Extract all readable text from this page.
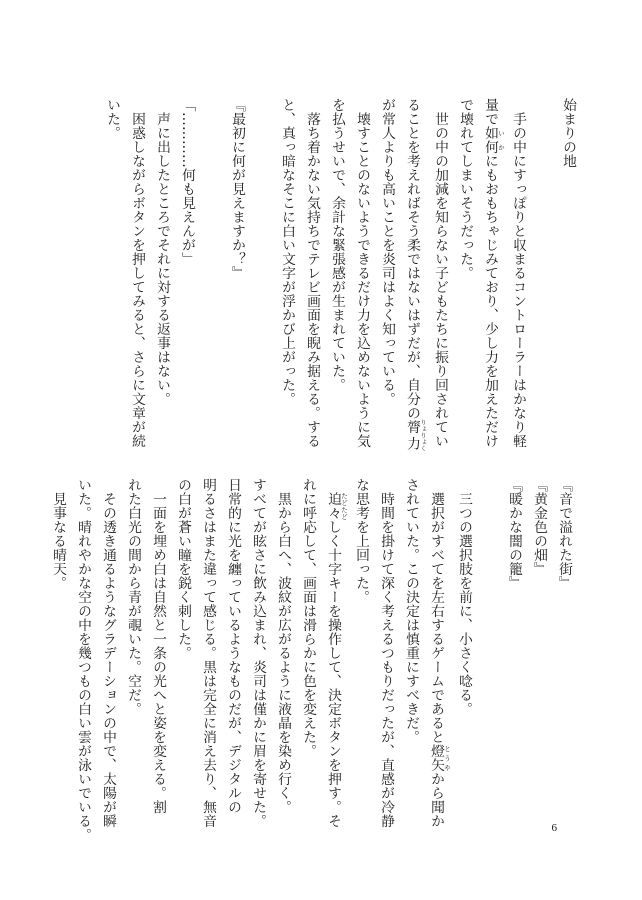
始まりの地

手の中にすっぽりと収まるコントローラーはかなり軽

量で如何 いかにもおもちゃじみており、少し力を加えただけ

で壊れてしまいそうだった。

世の中の加減を知らない子どもたちに振り回されてい

ることを考えればそう柔ではないはずだが、自分の膂力 りょりょく

が常人よりも高いことを炎司はよく知っている。

壊すことのないようできるだけ力を込めないように気

を払うせいで、余計な緊張感が生まれていた。

落ち着かない気持ちでテレビ画面を睨み据える。する

と、真っ暗なそこに白い文字が浮かび上がった。

『最初に何が見えますか？』

「…………何も見えんが」

声に出したところでそれに対する返事はない。

困惑しながらボタンを押してみると、さらに文章が続

いた。

『音で溢れた街』

『黄金色の畑』

『暖かな闇の籠』

三つの選択肢を前に、小さく唸る。

選択がすべてを左右するゲームであると燈矢 とうやから聞か

されていた。この決定は慎重にすべきだ。

時間を掛けて深く考えるつもりだったが、直感が冷静

な思考を上回った。

迫々 たどたどしく十字キーを操作して、決定ボタンを押す。そ

れに呼応して、画面は滑らかに色を変えた。

黒から白へ、波紋が広がるように液晶を染め行く。

すべてが眩さに飲み込まれ、炎司は僅かに眉を寄せた。

日常的に光を纏っているようなものだが、デジタルの

明るさはまた違って感じる。黒は完全に消え去り、無音

の白が蒼い瞳を鋭く刺した。

一面を埋め白は自然と一条の光へと姿を変える。割

れた白光の間から青が覗いた。空だ。

その透き通るようなグラデーションの中で、太陽が瞬

いた。晴れやかな空の中を幾つもの白い雲が泳いでいる。

見事なる晴天。

6
